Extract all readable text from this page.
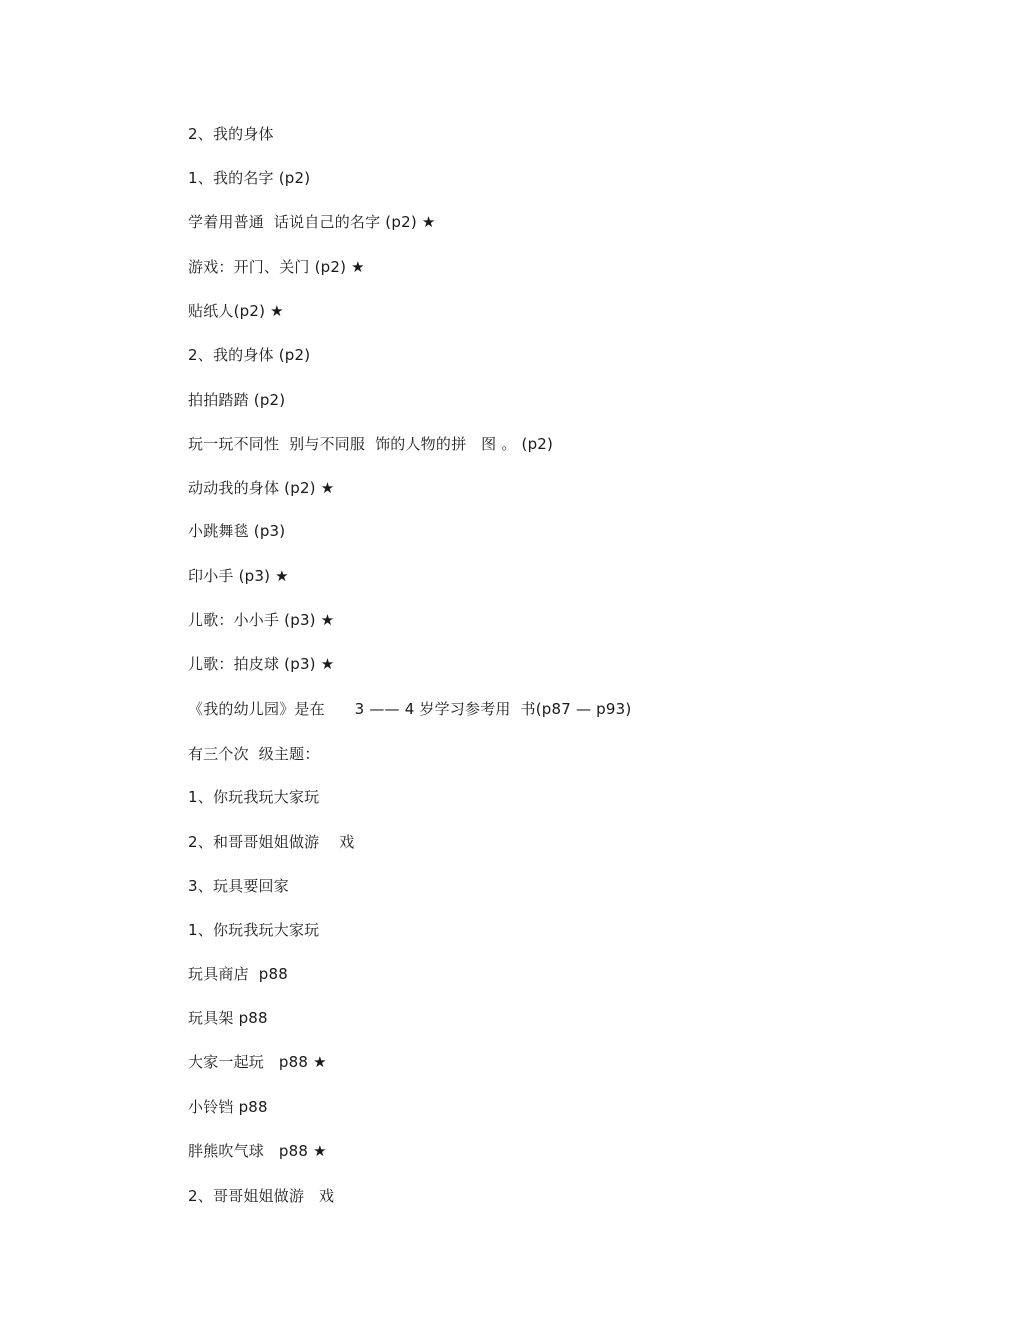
2、我的身体
1、我的名字 (p2)
学着用普通  话说自己的名字 (p2) ★
游戏：开门、关门 (p2) ★
贴纸人(p2) ★
2、我的身体 (p2)
拍拍踏踏 (p2)
玩一玩不同性  别与不同服  饰的人物的拼   图 。 (p2)
动动我的身体 (p2) ★
小跳舞毯 (p3)
印小手 (p3) ★
儿歌：小小手 (p3) ★
儿歌：拍皮球 (p3) ★
《我的幼儿园》是在      3 —— 4 岁学习参考用  书(p87 — p93)
有三个次  级主题：
1、你玩我玩大家玩
2、和哥哥姐姐做游    戏
3、玩具要回家
1、你玩我玩大家玩
玩具商店  p88
玩具架 p88
大家一起玩   p88 ★
小铃铛 p88
胖熊吹气球   p88 ★
2、哥哥姐姐做游   戏
